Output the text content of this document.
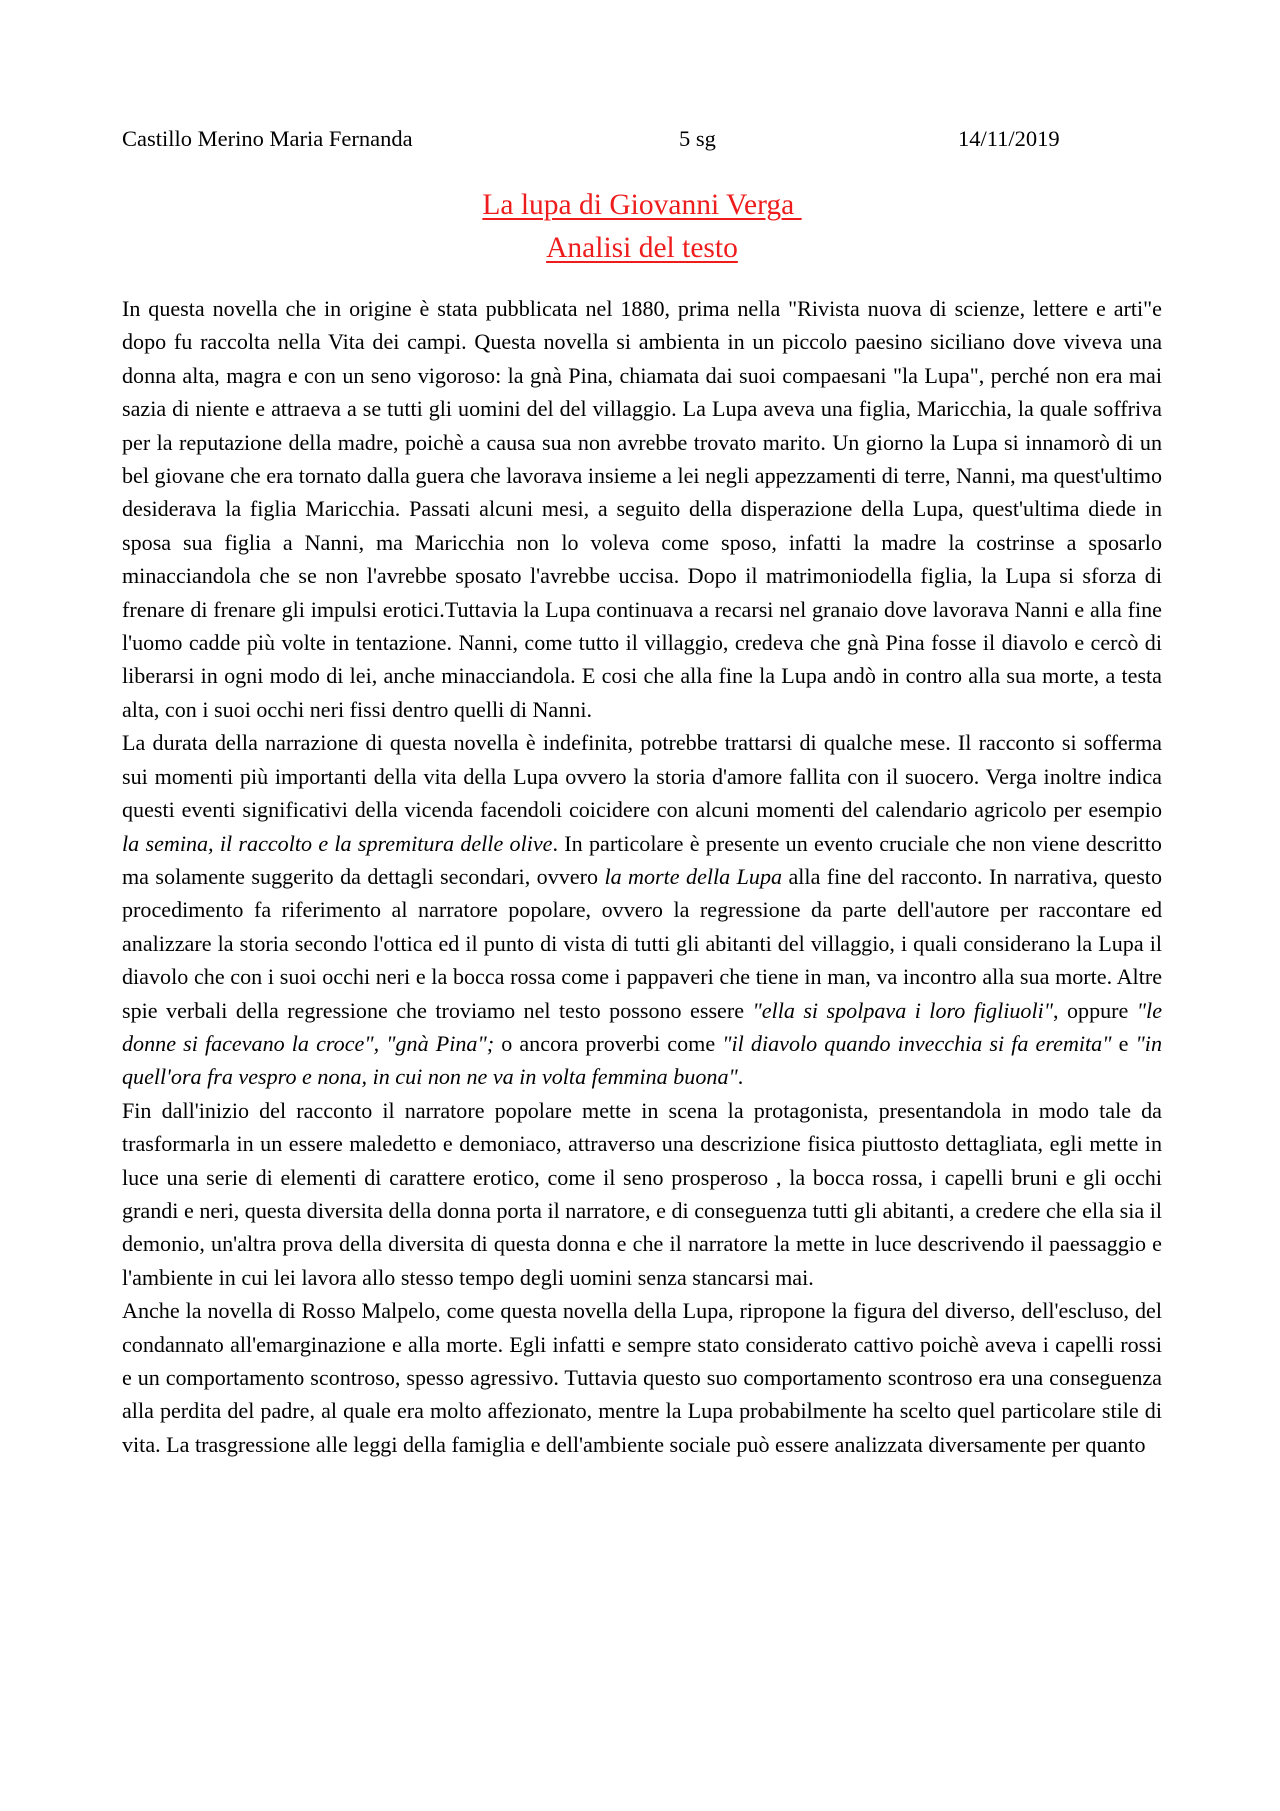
Castillo Merino Maria Fernanda	5 sg	14/11/2019
La lupa di Giovanni Verga
Analisi del testo

In questa novella che in origine è stata pubblicata nel 1880, prima nella "Rivista nuova di scienze, lettere e arti"e dopo fu raccolta nella Vita dei campi. Questa novella si ambienta in un piccolo paesino siciliano dove viveva una donna alta, magra e con un seno vigoroso: la gnà Pina, chiamata dai suoi compaesani "la Lupa", perché non era mai sazia di niente e attraeva a se tutti gli uomini del del villaggio. La Lupa aveva una figlia, Maricchia, la quale soffriva per la reputazione della madre, poichè a causa sua non avrebbe trovato marito. Un giorno la Lupa si innamorò di un bel giovane che era tornato dalla guera che lavorava insieme a lei negli appezzamenti di terre, Nanni, ma quest'ultimo desiderava la figlia Maricchia. Passati alcuni mesi, a seguito della disperazione della Lupa, quest'ultima diede in sposa sua figlia a Nanni, ma Maricchia non lo voleva come sposo, infatti la madre la costrinse a sposarlo minacciandola che se non l'avrebbe sposato l'avrebbe uccisa. Dopo il matrimoniodella figlia, la Lupa si sforza di frenare di frenare gli impulsi erotici.Tuttavia la Lupa continuava a recarsi nel granaio dove lavorava Nanni e alla fine l'uomo cadde più volte in tentazione. Nanni, come tutto il villaggio, credeva che gnà Pina fosse il diavolo e cercò di liberarsi in ogni modo di lei, anche minacciandola. E cosi che alla fine la Lupa andò in contro alla sua morte, a testa alta, con i suoi occhi neri fissi dentro quelli di Nanni.

La durata della narrazione di questa novella è indefinita, potrebbe trattarsi di qualche mese. Il racconto si sofferma sui momenti più importanti della vita della Lupa ovvero la storia d'amore fallita con il suocero. Verga inoltre indica questi eventi significativi della vicenda facendoli coicidere con alcuni momenti del calendario agricolo per esempio la semina, il raccolto e la spremitura delle olive. In particolare è presente un evento cruciale che non viene descritto ma solamente suggerito da dettagli secondari, ovvero la morte della Lupa alla fine del racconto. In narrativa, questo procedimento fa riferimento al narratore popolare, ovvero la regressione da parte dell'autore per raccontare ed analizzare la storia secondo l'ottica ed il punto di vista di tutti gli abitanti del villaggio, i quali considerano la Lupa il diavolo che con i suoi occhi neri e la bocca rossa come i pappaveri che tiene in man, va incontro alla sua morte. Altre spie verbali della regressione che troviamo nel testo possono essere "ella si spolpava i loro figliuoli", oppure "le donne si facevano la croce", "gnà Pina"; o ancora proverbi come "il diavolo quando invecchia si fa eremita" e "in quell'ora fra vespro e nona, in cui non ne va in volta femmina buona".

Fin dall'inizio del racconto il narratore popolare mette in scena la protagonista, presentandola in modo tale da trasformarla in un essere maledetto e demoniaco, attraverso una descrizione fisica piuttosto dettagliata, egli mette in luce una serie di elementi di carattere erotico, come il seno prosperoso , la bocca rossa, i capelli bruni e gli occhi grandi e neri, questa diversita della donna porta il narratore, e di conseguenza tutti gli abitanti, a credere che ella sia il demonio, un'altra prova della diversita di questa donna e che il narratore la mette in luce descrivendo il paessaggio e l'ambiente in cui lei lavora allo stesso tempo degli uomini senza stancarsi mai.

Anche la novella di Rosso Malpelo, come questa novella della Lupa, ripropone la figura del diverso, dell'escluso, del condannato all'emarginazione e alla morte. Egli infatti e sempre stato considerato cattivo poichè aveva i capelli rossi e un comportamento scontroso, spesso agressivo. Tuttavia questo suo comportamento scontroso era una conseguenza alla perdita del padre, al quale era molto affezionato, mentre la Lupa probabilmente ha scelto quel particolare stile di vita. La trasgressione alle leggi della famiglia e dell'ambiente sociale può essere analizzata diversamente per quanto
